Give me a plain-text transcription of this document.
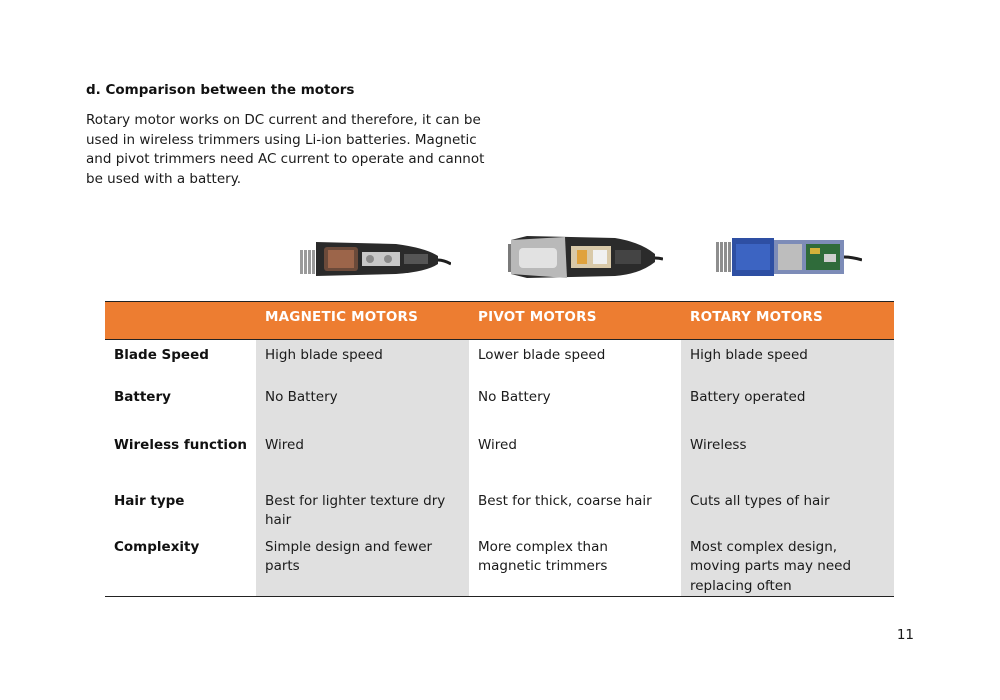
d. Comparison between the motors

Rotary motor works on DC current and therefore, it can be used in wireless trimmers using Li-ion batteries. Magnetic and pivot trimmers need AC current to operate and cannot be used with a battery.

	MAGNETIC MOTORS	PIVOT MOTORS	ROTARY MOTORS
Blade Speed	High blade speed	Lower blade speed	High blade speed
Battery	No Battery	No Battery	Battery operated
Wireless function	Wired	Wired	Wireless
Hair type	Best for lighter texture dry hair	Best for thick, coarse hair	Cuts all types of hair
Complexity	Simple design and fewer parts	More complex than magnetic trimmers	Most complex design, moving parts may need replacing often
11
